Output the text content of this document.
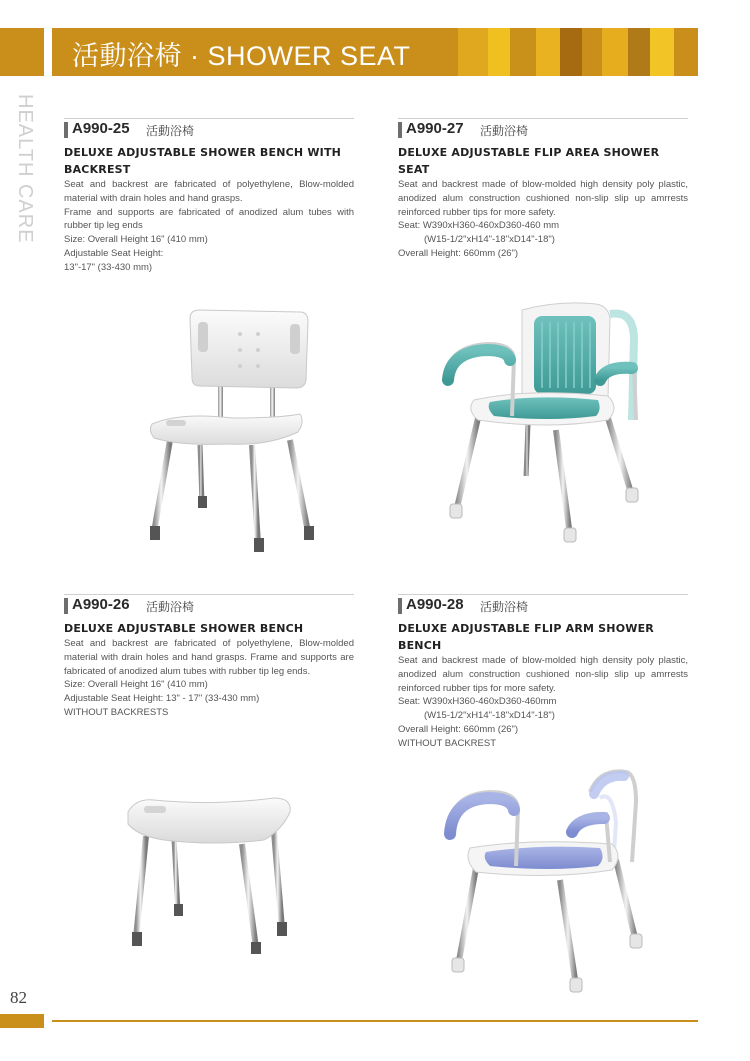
活動浴椅 · SHOWER SEAT
HEALTH CARE A990-25 活動浴椅
DELUXE ADJUSTABLE SHOWER BENCH WITH BACKREST
Seat and backrest are fabricated of polyethylene, Blow-molded material with drain holes and hand grasps.
Frame and supports are fabricated of anodized alum tubes with rubber tip leg ends
Size: Overall Height 16" (410 mm)
Adjustable Seat Height:
13"-17" (33-430 mm)
A990-27 活動浴椅
DELUXE ADJUSTABLE FLIP AREA SHOWER SEAT
Seat and backrest made of blow-molded high density poly plastic, anodized alum construction cushioned non-slip slip up amrrests reinforced rubber tips for more safety.
Seat: W390xH360-460xD360-460 mm
(W15-1/2"xH14"-18"xD14"-18")
Overall Height: 660mm (26")
A990-26 活動浴椅
DELUXE ADJUSTABLE SHOWER BENCH
Seat and backrest are fabricated of polyethylene, Blow-molded material with drain holes and hand grasps. Frame and supports are fabricated of anodized alum tubes with rubber tip leg ends.
Size: Overall Height 16" (410 mm)
Adjustable Seat Height: 13" - 17" (33-430 mm)
WITHOUT BACKRESTS
A990-28 活動浴椅
DELUXE ADJUSTABLE FLIP ARM SHOWER BENCH
Seat and backrest made of blow-molded high density poly plastic, anodized alum construction cushioned non-slip slip up amrrests reinforced rubber tips for more safety.
Seat: W390xH360-460xD360-460mm
(W15-1/2"xH14"-18"xD14"-18")
Overall Height: 660mm (26")
WITHOUT BACKREST
82
